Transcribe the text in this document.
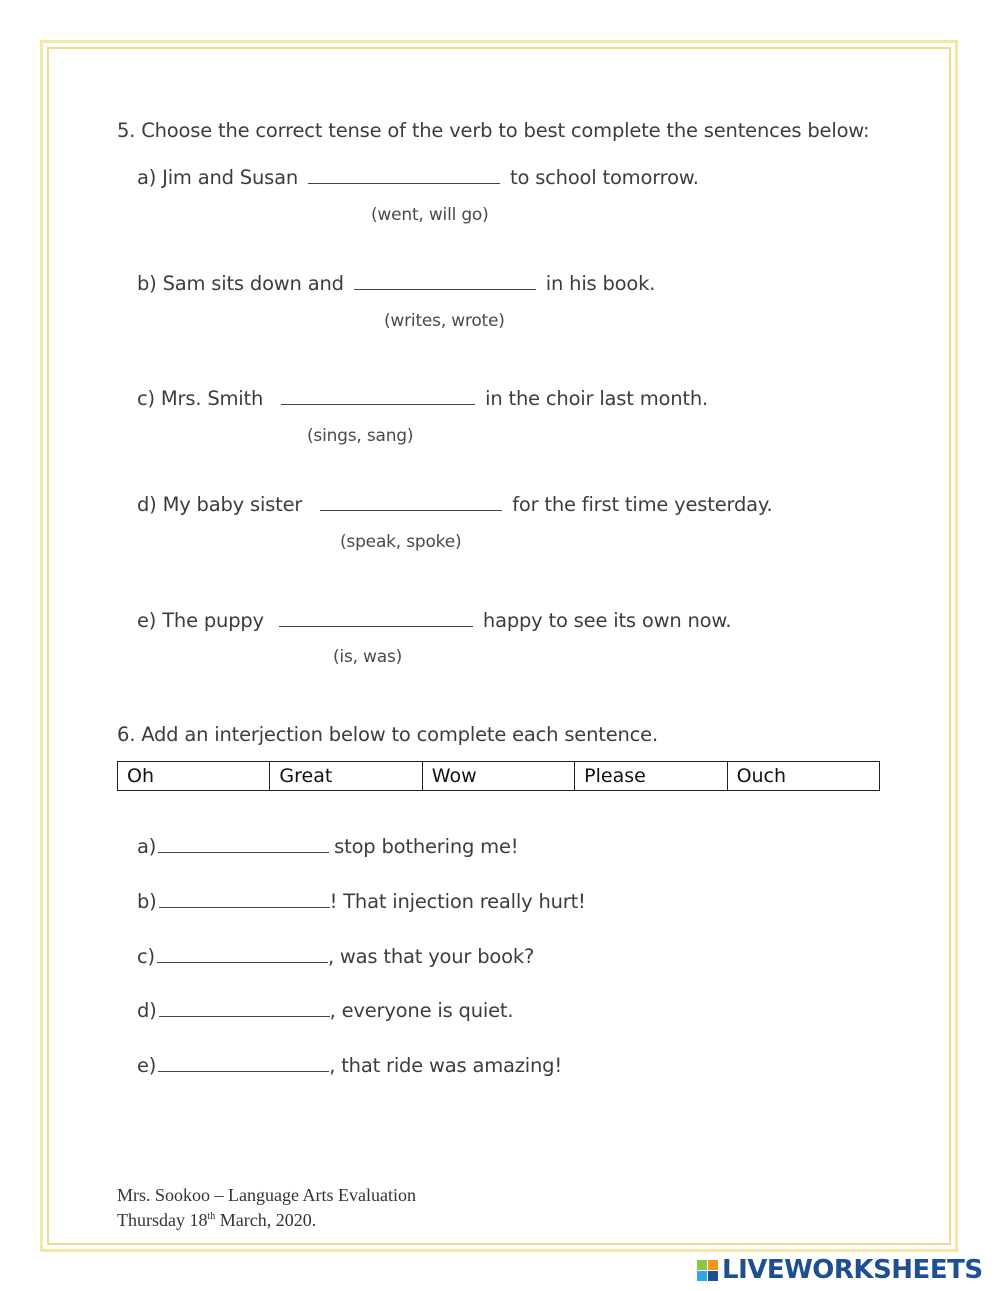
5. Choose the correct tense of the verb to best complete the sentences below:
a) Jim and Susan	to school tomorrow.
(went, will go)
b) Sam sits down and	in his book.
(writes, wrote)
c) Mrs. Smith	in the choir last month.
(sings, sang)
d) My baby sister	for the first time yesterday.
(speak, spoke)
e) The puppy	happy to see its own now.
(is, was)
6. Add an interjection below to complete each sentence.
Oh	Great	Wow	Please	Ouch
a)	stop bothering me!
b)	! That injection really hurt!
c)	, was that your book?
d)	, everyone is quiet.
e)	, that ride was amazing!
Mrs. Sookoo – Language Arts Evaluation
Thursday 18th March, 2020.
LIVEWORKSHEETS
